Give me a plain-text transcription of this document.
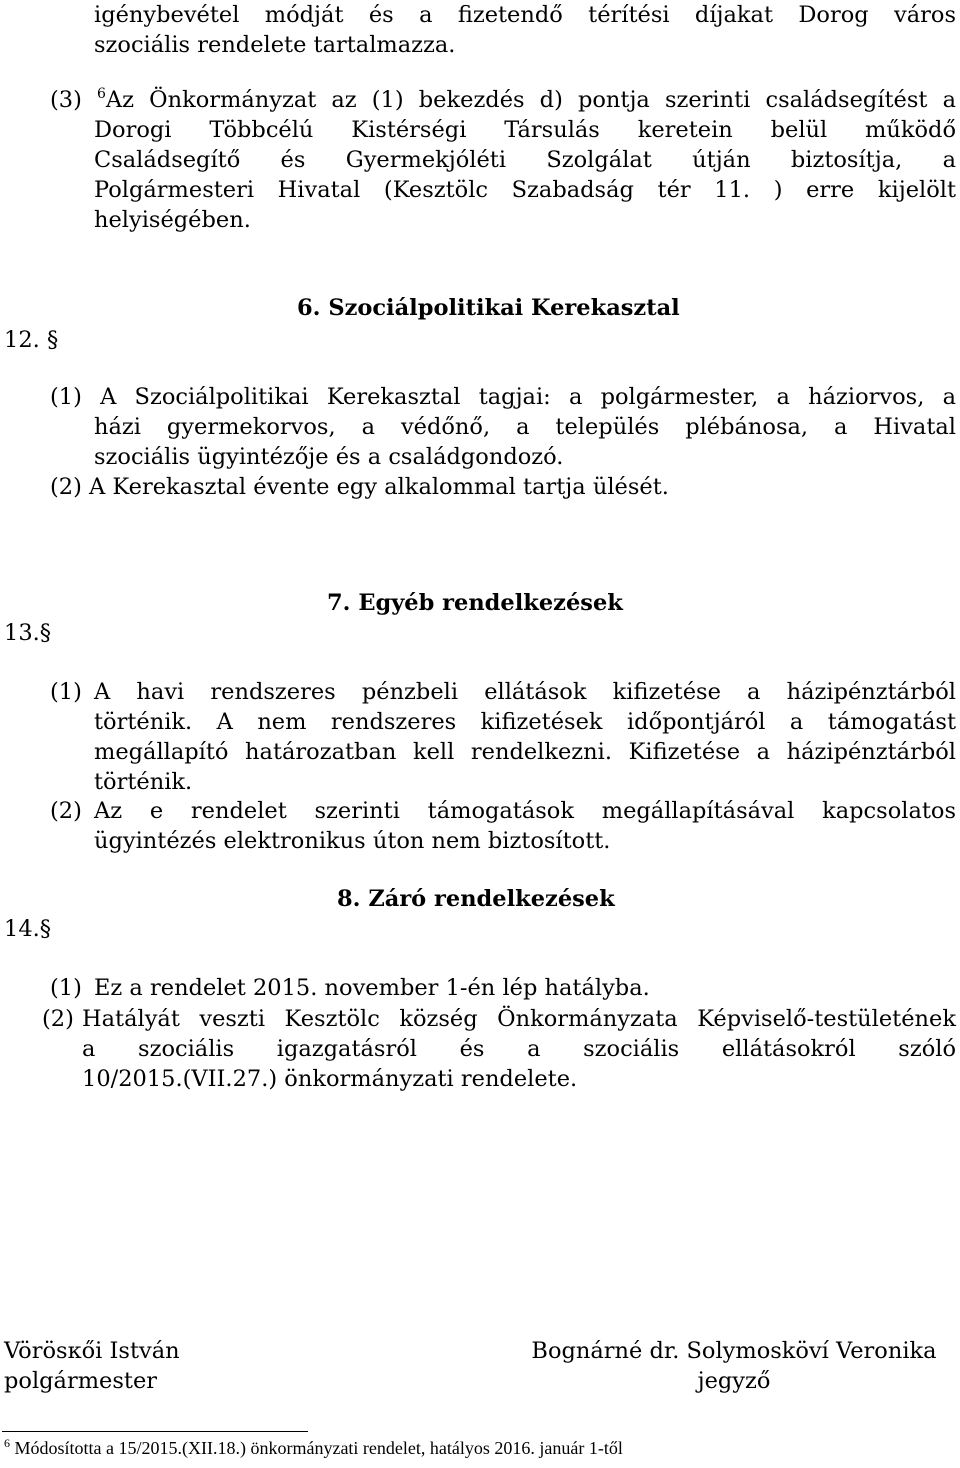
igénybevétel módját és a fizetendő térítési díjakat Dorog város
szociális rendelete tartalmazza.
(3) $^6$Az Önkormányzat az (1) bekezdés d) pontja szerinti családsegítést a
Dorogi Többcélú Kistérségi Társulás keretein belül működő
Családsegítő és Gyermekjóléti Szolgálat útján biztosítja, a
Polgármesteri Hivatal (Kesztölc Szabadság tér 11. ) erre kijelölt
helyiségében.
12. §
6. Szociálpolitikai Kerekasztal
(1) A Szociálpolitikai Kerekasztal tagjai: a polgármester, a háziorvos, a
házi gyermekorvos, a védőnő, a település plébánosa, a Hivatal
szociális ügyintézője és a családgondozó.
(2) A Kerekasztal évente egy alkalommal tartja ülését.
13.§
7. Egyéb rendelkezések
(1) A havi rendszeres pénzbeli ellátások kifizetése a házipénztárból
történik. A nem rendszeres kifizetések időpontjáról a támogatást
megállapító határozatban kell rendelkezni. Kifizetése a házipénztárból
történik.
(2) Az e rendelet szerinti támogatások megállapításával kapcsolatos
ügyintézés elektronikus úton nem biztosított.
14.§
8. Záró rendelkezések
(1) Ez a rendelet 2015. november 1-én lép hatályba.
(2) Hatályát veszti Kesztölc község Önkormányzata Képviselő-testületének
a szociális igazgatásról és a szociális ellátásokról szóló
10/2015.(VII.27.) önkormányzati rendelete.
Vörösкői István
polgármester
Bognárné dr. Solymosköví Veronika
jegyző
$^6$ Módosította a 15/2015.(XII.18.) önkormányzati rendelet, hatályos 2016. január 1-től
